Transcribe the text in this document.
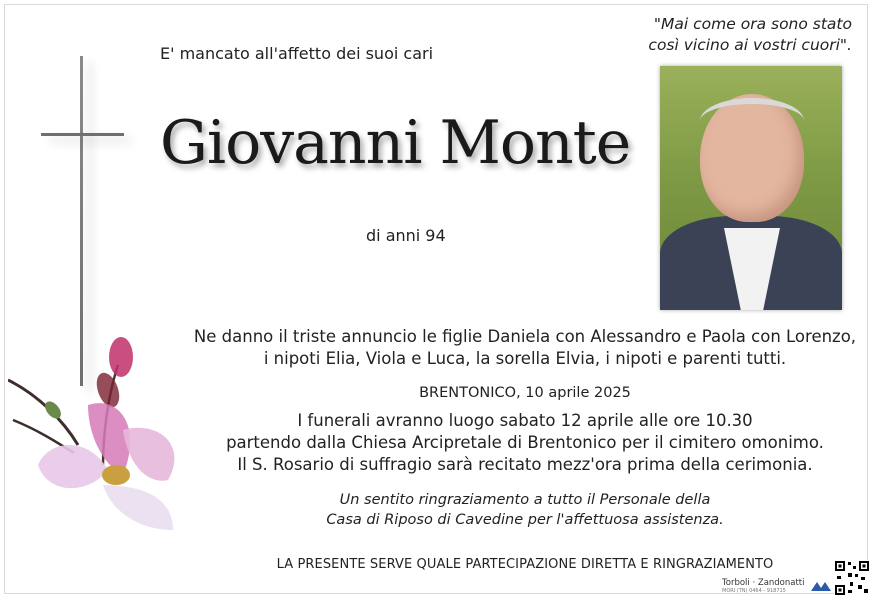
E' mancato all'affetto dei suoi cari
"Mai come ora sono stato
così vicino ai vostri cuori".
Giovanni Monte
di anni 94
Ne danno il triste annuncio le figlie Daniela con Alessandro e Paola con Lorenzo,
i nipoti Elia, Viola e Luca, la sorella Elvia, i nipoti e parenti tutti.
BRENTONICO, 10 aprile 2025
I funerali avranno luogo sabato 12 aprile alle ore 10.30
partendo dalla Chiesa Arcipretale di Brentonico per il cimitero omonimo.
Il S. Rosario di suffragio sarà recitato mezz'ora prima della cerimonia.
Un sentito ringraziamento a tutto il Personale della
Casa di Riposo di Cavedine per l'affettuosa assistenza.
LA PRESENTE SERVE QUALE PARTECIPAZIONE DIRETTA E RINGRAZIAMENTO
Torboli · Zandonatti
MORI (TN) 0464 - 918715
